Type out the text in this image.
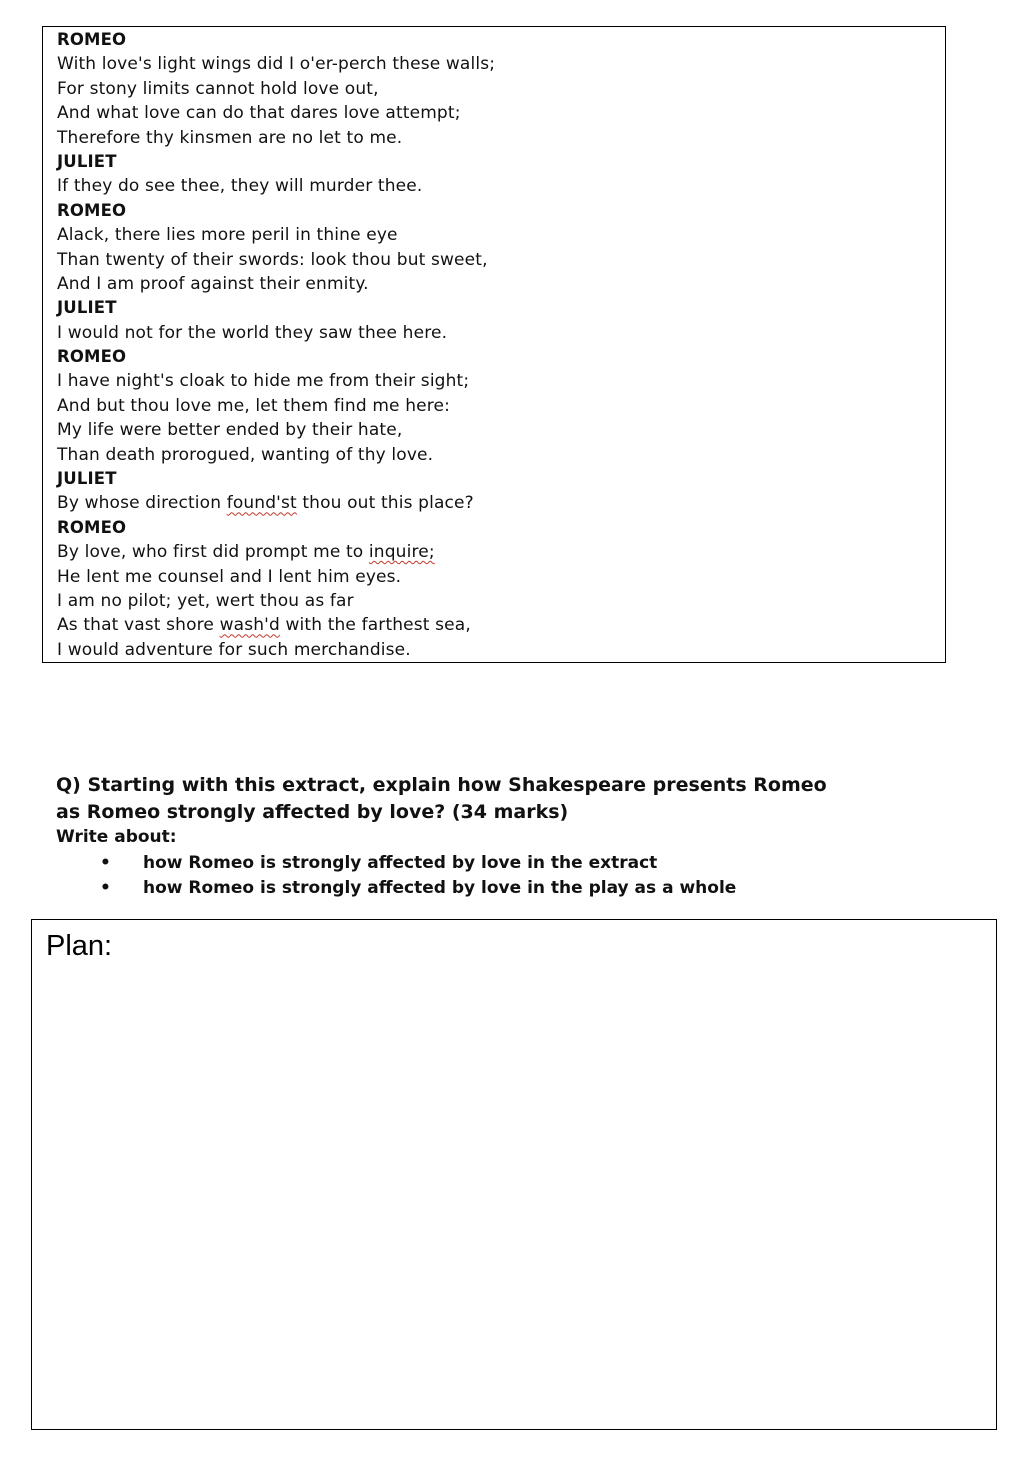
ROMEO
With love's light wings did I o'er-perch these walls;
For stony limits cannot hold love out,
And what love can do that dares love attempt;
Therefore thy kinsmen are no let to me.
JULIET
If they do see thee, they will murder thee.
ROMEO
Alack, there lies more peril in thine eye
Than twenty of their swords: look thou but sweet,
And I am proof against their enmity.
JULIET
I would not for the world they saw thee here.
ROMEO
I have night's cloak to hide me from their sight;
And but thou love me, let them find me here:
My life were better ended by their hate,
Than death prorogued, wanting of thy love.
JULIET
By whose direction found'st thou out this place?
ROMEO
By love, who first did prompt me to inquire;
He lent me counsel and I lent him eyes.
I am no pilot; yet, wert thou as far
As that vast shore wash'd with the farthest sea,
I would adventure for such merchandise.

Q) Starting with this extract, explain how Shakespeare presents Romeo
as Romeo strongly affected by love? (34 marks)

Write about:

• how Romeo is strongly affected by love in the extract
• how Romeo is strongly affected by love in the play as a whole
Plan:
